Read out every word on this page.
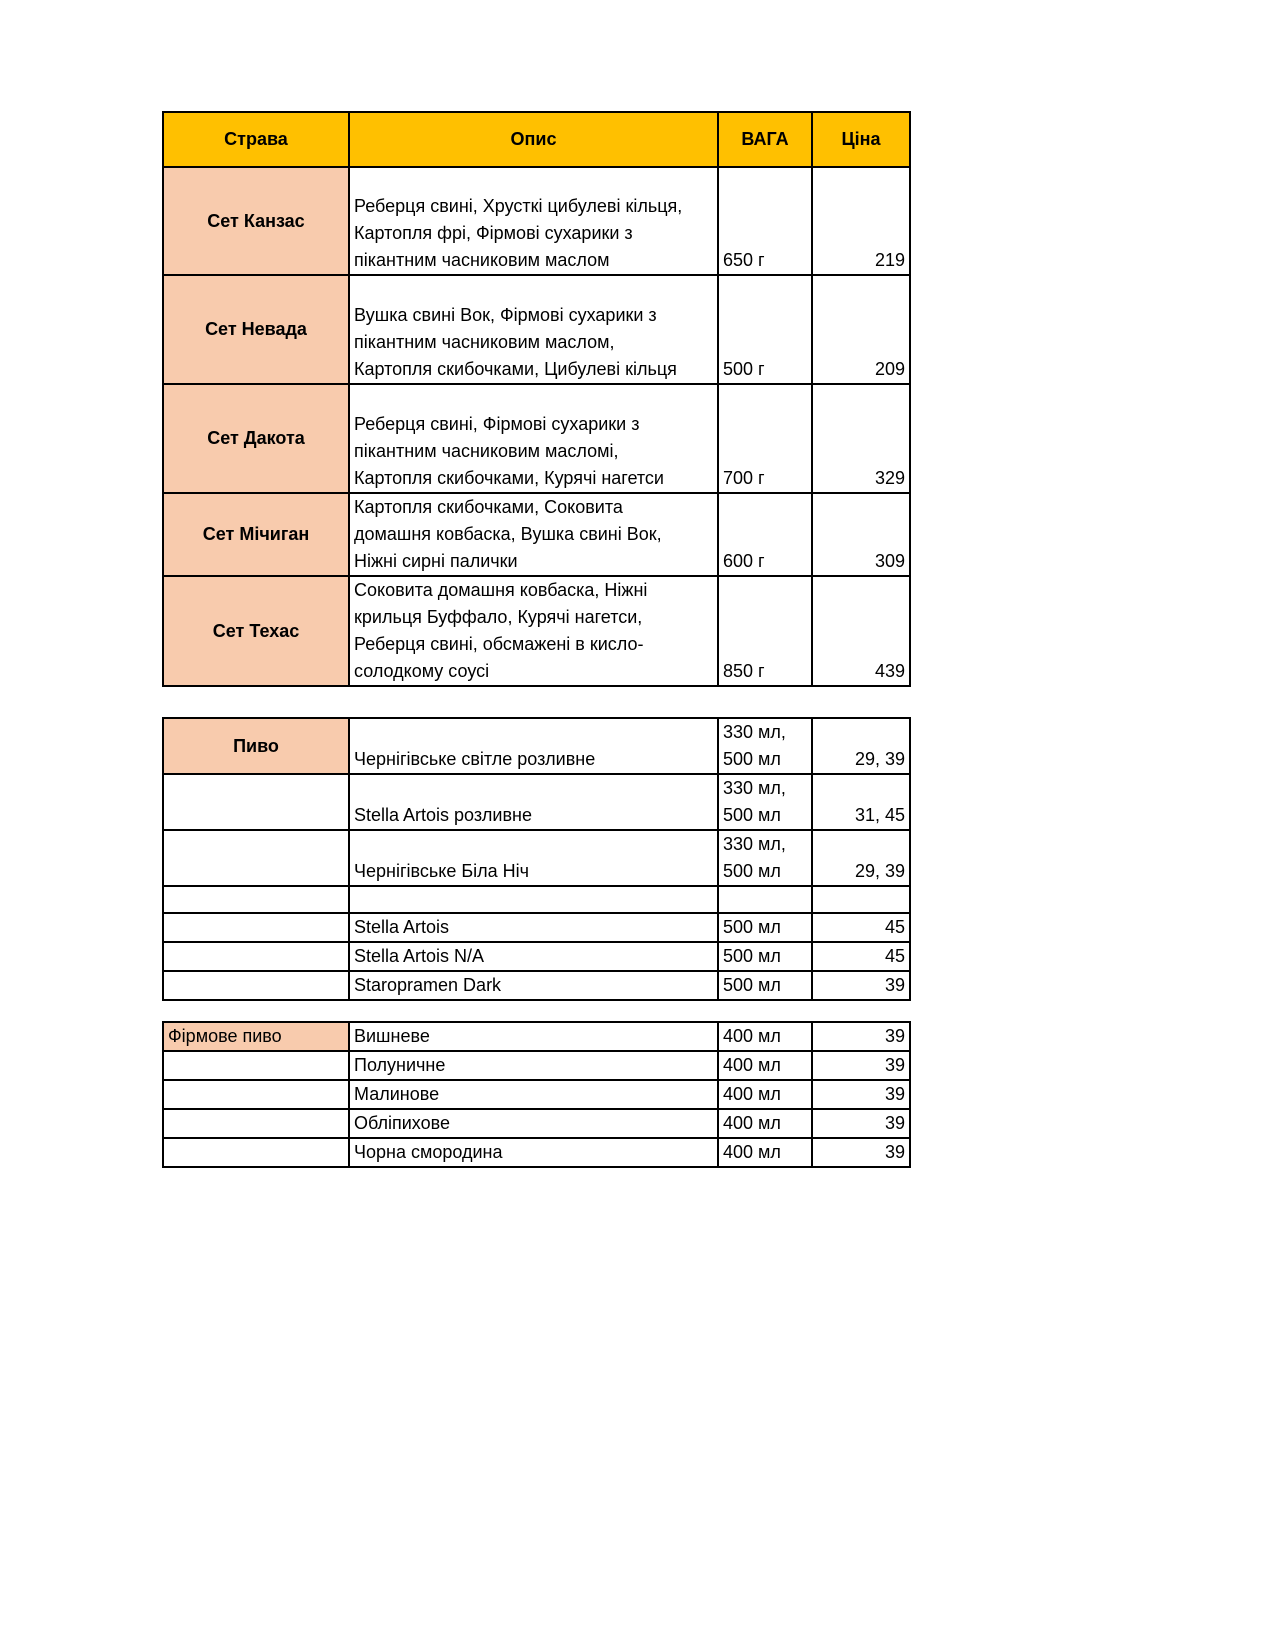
Страва	Опис	ВАГА	Ціна
Сет Канзас	Реберця свині, Хрусткі цибулеві кільця,
Картопля фрі, Фірмові сухарики з
пікантним часниковим маслом	650 г	219
Сет Невада	Вушка свині Вок, Фірмові сухарики з
пікантним часниковим маслом,
Картопля скибочками, Цибулеві кільця	500 г	209
Сет Дакота	Реберця свині, Фірмові сухарики з
пікантним часниковим масломі,
Картопля скибочками, Курячі нагетси	700 г	329
Сет Мічиган	Картопля скибочками, Соковита
домашня ковбаска, Вушка свині Вок,
Ніжні сирні палички	600 г	309
Сет Техас	Соковита домашня ковбаска, Ніжні
крильця Буффало, Курячі нагетси,
Реберця свині, обсмажені в кисло-
солодкому соусі	850 г	439
Пиво	Чернігівське світле розливне	330 мл,
500 мл	29, 39
	Stella Artois розливне	330 мл,
500 мл	31, 45
	Чернігівське Біла Ніч	330 мл,
500 мл	29, 39

	Stella Artois	500 мл	45
	Stella Artois N/A	500 мл	45
	Staropramen Dark	500 мл	39
Фірмове пиво	Вишневе	400 мл	39
	Полуничне	400 мл	39
	Малинове	400 мл	39
	Обліпихове	400 мл	39
	Чорна смородина	400 мл	39
